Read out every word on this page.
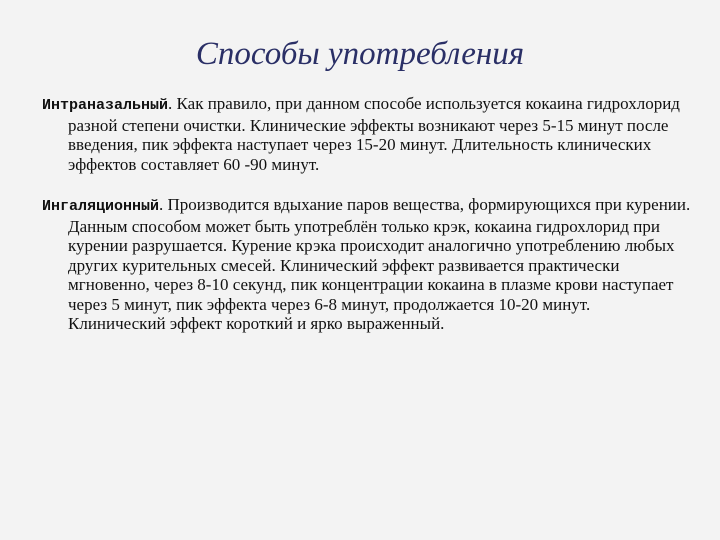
Способы употребления

Интраназальный. Как правило, при данном способе используется кокаина гидрохлорид разной степени очистки. Клинические эффекты возникают через 5-15 минут после введения, пик эффекта наступает через 15-20 минут. Длительность клинических эффектов составляет 60 -90 минут.

Ингаляционный. Производится вдыхание паров вещества, формирующихся при курении. Данным способом может быть употреблён только крэк, кокаина гидрохлорид при курении разрушается. Курение крэка происходит аналогично употреблению любых других курительных смесей. Клинический эффект развивается практически мгновенно, через 8-10 секунд, пик концентрации кокаина в плазме крови наступает через 5 минут, пик эффекта через 6-8 минут, продолжается 10-20 минут. Клинический эффект короткий и ярко выраженный.
